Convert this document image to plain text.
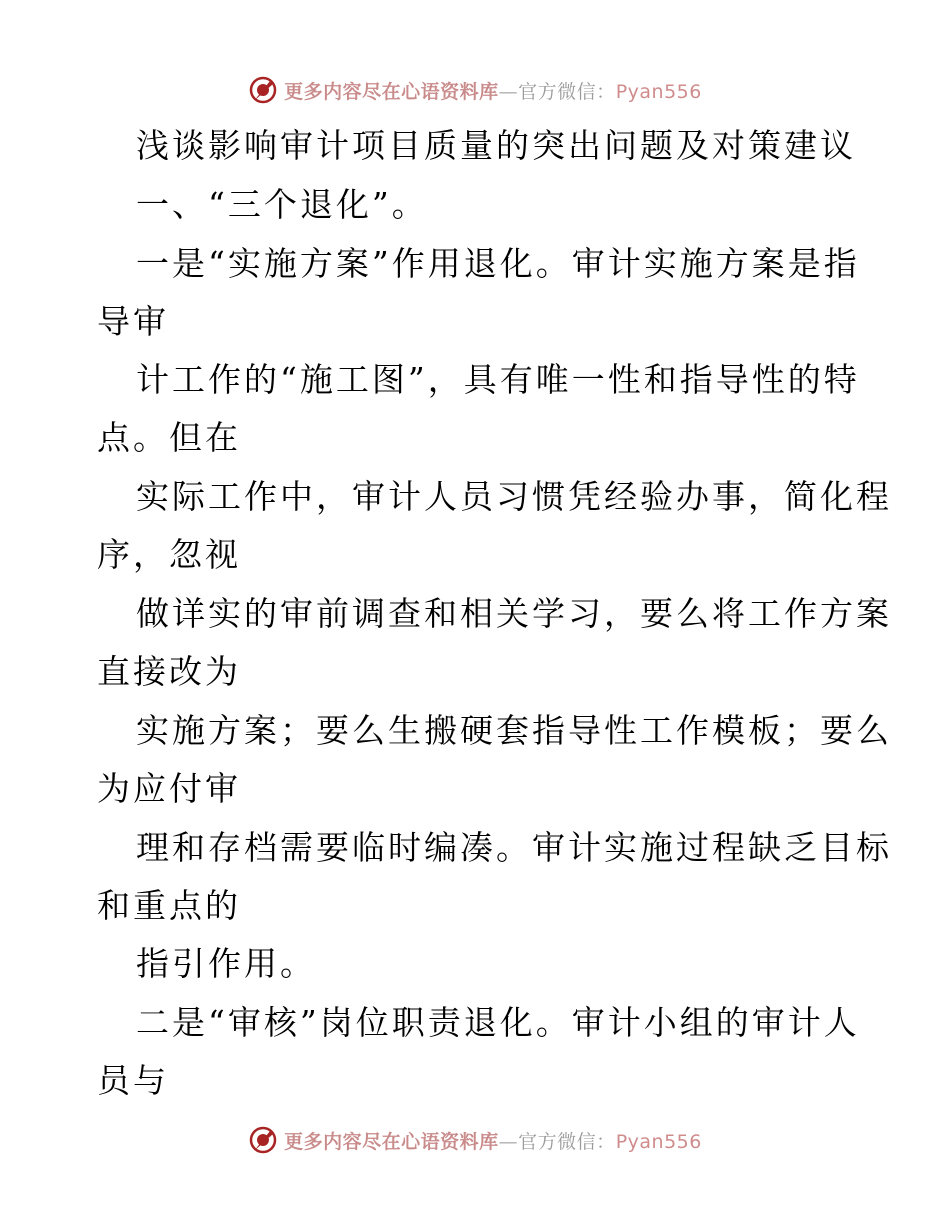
更多内容尽在心语资料库—官方微信：Pyan556
浅谈影响审计项目质量的突出问题及对策建议
一、“三个退化”。
一是“实施方案”作用退化。审计实施方案是指
导审
计工作的“施工图”，具有唯一性和指导性的特
点。但在
实际工作中，审计人员习惯凭经验办事，简化程
序，忽视
做详实的审前调查和相关学习，要么将工作方案
直接改为
实施方案；要么生搬硬套指导性工作模板；要么
为应付审
理和存档需要临时编凑。审计实施过程缺乏目标
和重点的
指引作用。
二是“审核”岗位职责退化。审计小组的审计人
员与
更多内容尽在心语资料库—官方微信：Pyan556
